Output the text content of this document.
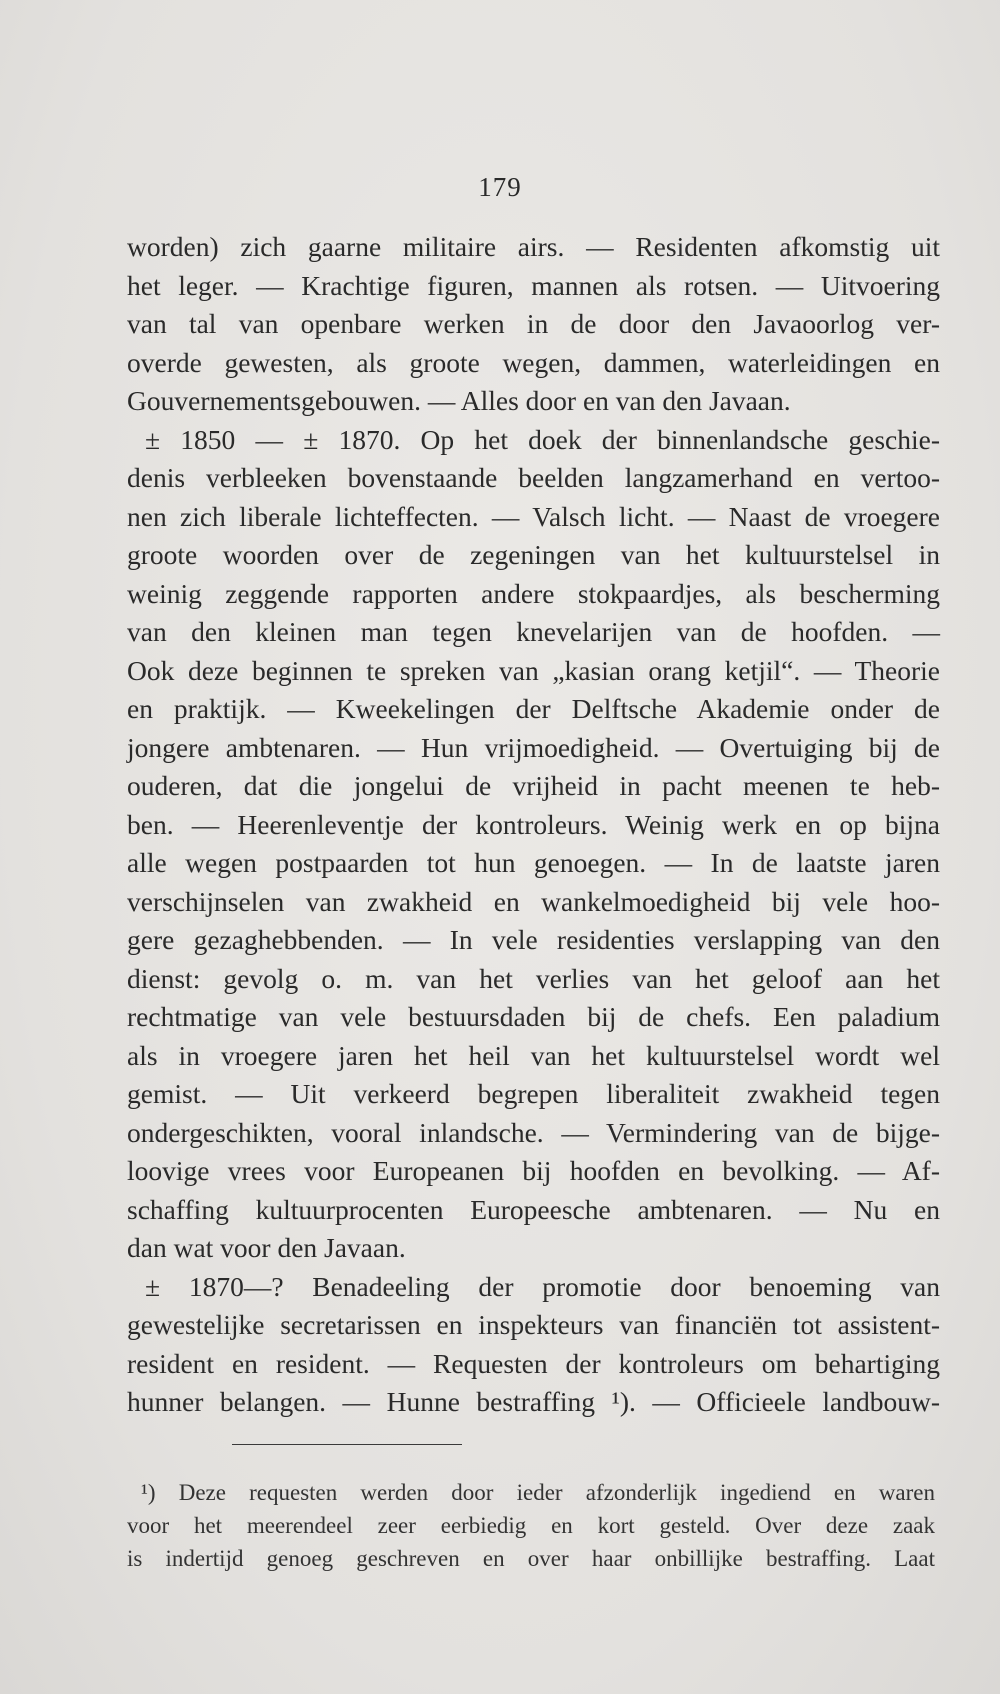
179
worden) zich gaarne militaire airs. — Residenten afkomstig uit
het leger. — Krachtige figuren, mannen als rotsen. — Uitvoering
van tal van openbare werken in de door den Javaoorlog ver-
overde gewesten, als groote wegen, dammen, waterleidingen en
Gouvernementsgebouwen. — Alles door en van den Javaan.
± 1850 — ± 1870. Op het doek der binnenlandsche geschie-
denis verbleeken bovenstaande beelden langzamerhand en vertoo-
nen zich liberale lichteffecten. — Valsch licht. — Naast de vroegere
groote woorden over de zegeningen van het kultuurstelsel in
weinig zeggende rapporten andere stokpaardjes, als bescherming
van den kleinen man tegen knevelarijen van de hoofden. —
Ook deze beginnen te spreken van „kasian orang ketjil“. — Theorie
en praktijk. — Kweekelingen der Delftsche Akademie onder de
jongere ambtenaren. — Hun vrijmoedigheid. — Overtuiging bij de
ouderen, dat die jongelui de vrijheid in pacht meenen te heb-
ben. — Heerenleventje der kontroleurs. Weinig werk en op bijna
alle wegen postpaarden tot hun genoegen. — In de laatste jaren
verschijnselen van zwakheid en wankelmoedigheid bij vele hoo-
gere gezaghebbenden. — In vele residenties verslapping van den
dienst: gevolg o. m. van het verlies van het geloof aan het
rechtmatige van vele bestuursdaden bij de chefs. Een paladium
als in vroegere jaren het heil van het kultuurstelsel wordt wel
gemist. — Uit verkeerd begrepen liberaliteit zwakheid tegen
ondergeschikten, vooral inlandsche. — Vermindering van de bijge-
loovige vrees voor Europeanen bij hoofden en bevolking. — Af-
schaffing kultuurprocenten Europeesche ambtenaren. — Nu en
dan wat voor den Javaan.
± 1870—? Benadeeling der promotie door benoeming van
gewestelijke secretarissen en inspekteurs van financiën tot assistent-
resident en resident. — Requesten der kontroleurs om behartiging
hunner belangen. — Hunne bestraffing ¹). — Officieele landbouw-
¹) Deze requesten werden door ieder afzonderlijk ingediend en waren
voor het meerendeel zeer eerbiedig en kort gesteld. Over deze zaak
is indertijd genoeg geschreven en over haar onbillijke bestraffing. Laat
